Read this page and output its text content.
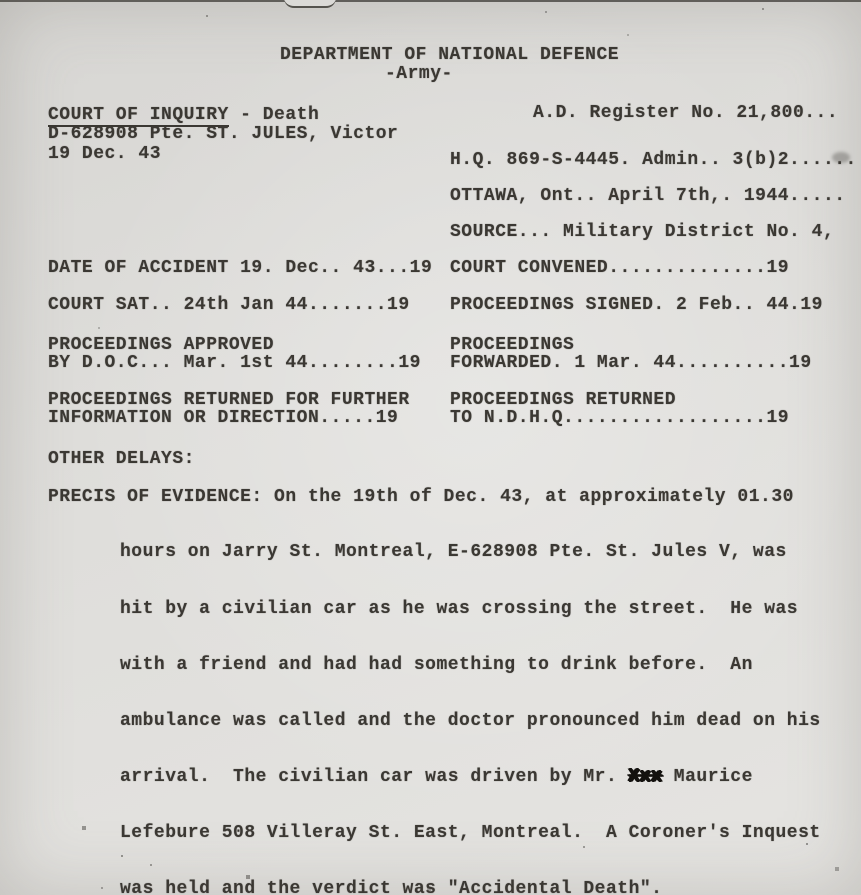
DEPARTMENT OF NATIONAL DEFENCE
-Army-
COURT OF INQUIRY - Death
D-628908 Pte. ST. JULES, Victor
19 Dec. 43
A.D. Register No. 21,800...
H.Q. 869-S-4445. Admin.. 3(b)2......
OTTAWA, Ont.. April 7th,. 1944.....
SOURCE... Military District No. 4,
DATE OF ACCIDENT 19. Dec.. 43...19 COURT CONVENED..............19
COURT SAT.. 24th Jan 44.......19 PROCEEDINGS SIGNED. 2 Feb.. 44.19
PROCEEDINGS APPROVED
BY D.O.C... Mar. 1st 44........19
PROCEEDINGS
FORWARDED. 1 Mar. 44..........19
PROCEEDINGS RETURNED FOR FURTHER
INFORMATION OR DIRECTION.....19
PROCEEDINGS RETURNED
TO N.D.H.Q..................19
OTHER DELAYS:
PRECIS OF EVIDENCE: On the 19th of Dec. 43, at approximately 01.30

hours on Jarry St. Montreal, E-628908 Pte. St. Jules V, was

hit by a civilian car as he was crossing the street.  He was

with a friend and had had something to drink before.  An

ambulance was called and the doctor pronounced him dead on his

arrival.  The civilian car was driven by Mr. Xxx Maurice

Lefebure 508 Villeray St. East, Montreal.  A Coroner's Inquest

was held and the verdict was "Accidental Death".
